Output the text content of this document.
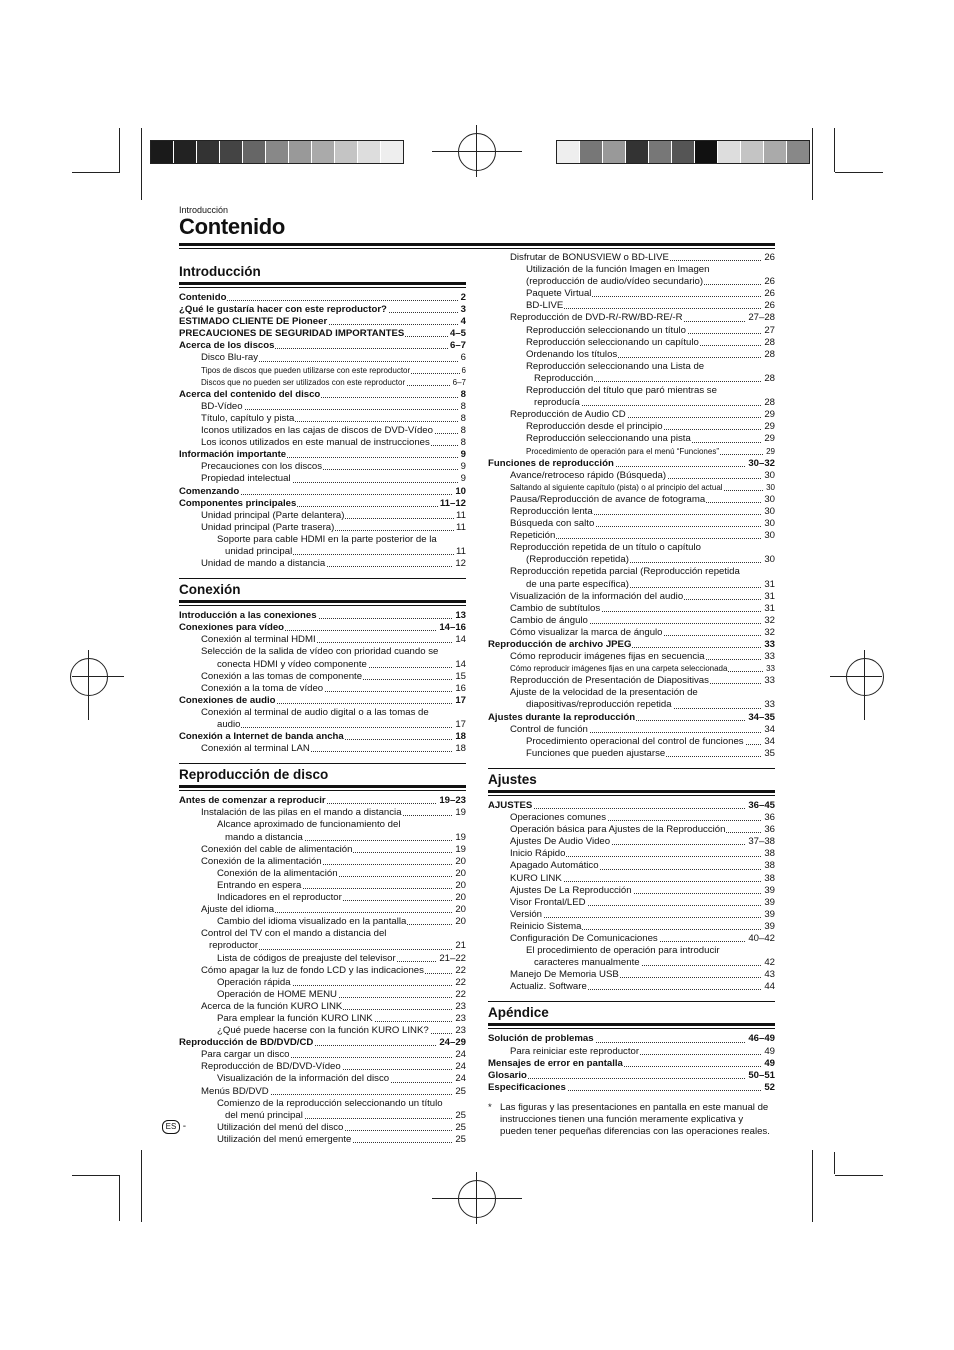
Introducción
Contenido
Introducción
Contenido	2
¿Qué le gustaría hacer con este reproductor?	3
ESTIMADO CLIENTE DE Pioneer	4
PRECAUCIONES DE SEGURIDAD IMPORTANTES	4–5
Acerca de los discos	6–7
Disco Blu-ray	6
Tipos de discos que pueden utilizarse con este reproductor	6
Discos que no pueden ser utilizados con este reproductor	6–7
Acerca del contenido del disco	8
BD-Vídeo	8
Título, capítulo y pista	8
Iconos utilizados en las cajas de discos de DVD-Vídeo	8
Los iconos utilizados en este manual de instrucciones	8
Información importante	9
Precauciones con los discos	9
Propiedad intelectual	9
Comenzando	10
Componentes principales	11–12
Unidad principal (Parte delantera)	11
Unidad principal (Parte trasera)	11
Soporte para cable HDMI en la parte posterior de la
unidad principal	11
Unidad de mando a distancia	12
Conexión
Introducción a las conexiones	13
Conexiones para vídeo	14–16
Conexión al terminal HDMI	14
Selección de la salida de vídeo con prioridad cuando se
conecta HDMI y vídeo componente	14
Conexión a las tomas de componente	15
Conexión a la toma de vídeo	16
Conexiones de audio	17
Conexión al terminal de audio digital o a las tomas de
audio	17
Conexión a Internet de banda ancha	18
Conexión al terminal LAN	18
Reproducción de disco
Antes de comenzar a reproducir	19–23
Instalación de las pilas en el mando a distancia	19
Alcance aproximado de funcionamiento del
mando a distancia	19
Conexión del cable de alimentación	19
Conexión de la alimentación	20
Conexión de la alimentación	20
Entrando en espera	20
Indicadores en el reproductor	20
Ajuste del idioma	20
Cambio del idioma visualizado en la pantalla	20
Control del TV con el mando a distancia del
reproductor	21
Lista de códigos de preajuste del televisor	21–22
Cómo apagar la luz de fondo LCD y las indicaciones	22
Operación rápida	22
Operación de HOME MENU	22
Acerca de la función KURO LINK	23
Para emplear la función KURO LINK	23
¿Qué puede hacerse con la función KURO LINK?	23
Reproducción de BD/DVD/CD	24–29
Para cargar un disco	24
Reproducción de BD/DVD-Vídeo	24
Visualización de la información del disco	24
Menús BD/DVD	25
Comienzo de la reproducción seleccionando un título
del menú principal	25
Utilización del menú del disco	25
Utilización del menú emergente	25
Disfrutar de BONUSVIEW o BD-LIVE	26
Utilización de la función Imagen en Imagen
(reproducción de audio/vídeo secundario)	26
Paquete Virtual	26
BD-LIVE	26
Reproducción de DVD-R/-RW/BD-RE/-R	27–28
Reproducción seleccionando un título	27
Reproducción seleccionando un capítulo	28
Ordenando los títulos	28
Reproducción seleccionando una Lista de
Reproducción	28
Reproducción del título que paró mientras se
reproducía	28
Reproducción de Audio CD	29
Reproducción desde el principio	29
Reproducción seleccionando una pista	29
Procedimiento de operación para el menú “Funciones”	29
Funciones de reproducción	30–32
Avance/retroceso rápido (Búsqueda)	30
Saltando al siguiente capítulo (pista) o al principio del actual	30
Pausa/Reproducción de avance de fotograma	30
Reproducción lenta	30
Búsqueda con salto	30
Repetición	30
Reproducción repetida de un título o capítulo
(Reproducción repetida)	30
Reproducción repetida parcial (Reproducción repetida
de una parte específica)	31
Visualización de la información del audio	31
Cambio de subtítulos	31
Cambio de ángulo	32
Cómo visualizar la marca de ángulo	32
Reproducción de archivo JPEG	33
Cómo reproducir imágenes fijas en secuencia	33
Cómo reproducir imágenes fijas en una carpeta seleccionada	33
Reproducción de Presentación de Diapositivas	33
Ajuste de la velocidad de la presentación de
diapositivas/reproducción repetida	33
Ajustes durante la reproducción	34–35
Control de función	34
Procedimiento operacional del control de funciones 34
Funciones que pueden ajustarse	35
Ajustes
AJUSTES	36–45
Operaciones comunes	36
Operación básica para Ajustes de la Reproducción	36
Ajustes De Audio Video	37–38
Inicio Rápido	38
Apagado Automático	38
KURO LINK	38
Ajustes De La Reproducción	39
Visor Frontal/LED	39
Versión	39
Reinicio Sistema	39
Configuración De Comunicaciones	40–42
El procedimiento de operación para introducir
caracteres manualmente	42
Manejo De Memoria USB	43
Actualiz. Software	44
Apéndice
Solución de problemas	46–49
Para reiniciar este reproductor	49
Mensajes de error en pantalla	49
Glosario	50–51
Especificaciones	52
* Las figuras y las presentaciones en pantalla en este manual de instrucciones tienen una función meramente explicativa y pueden tener pequeñas diferencias con las operaciones reales.
ES -
